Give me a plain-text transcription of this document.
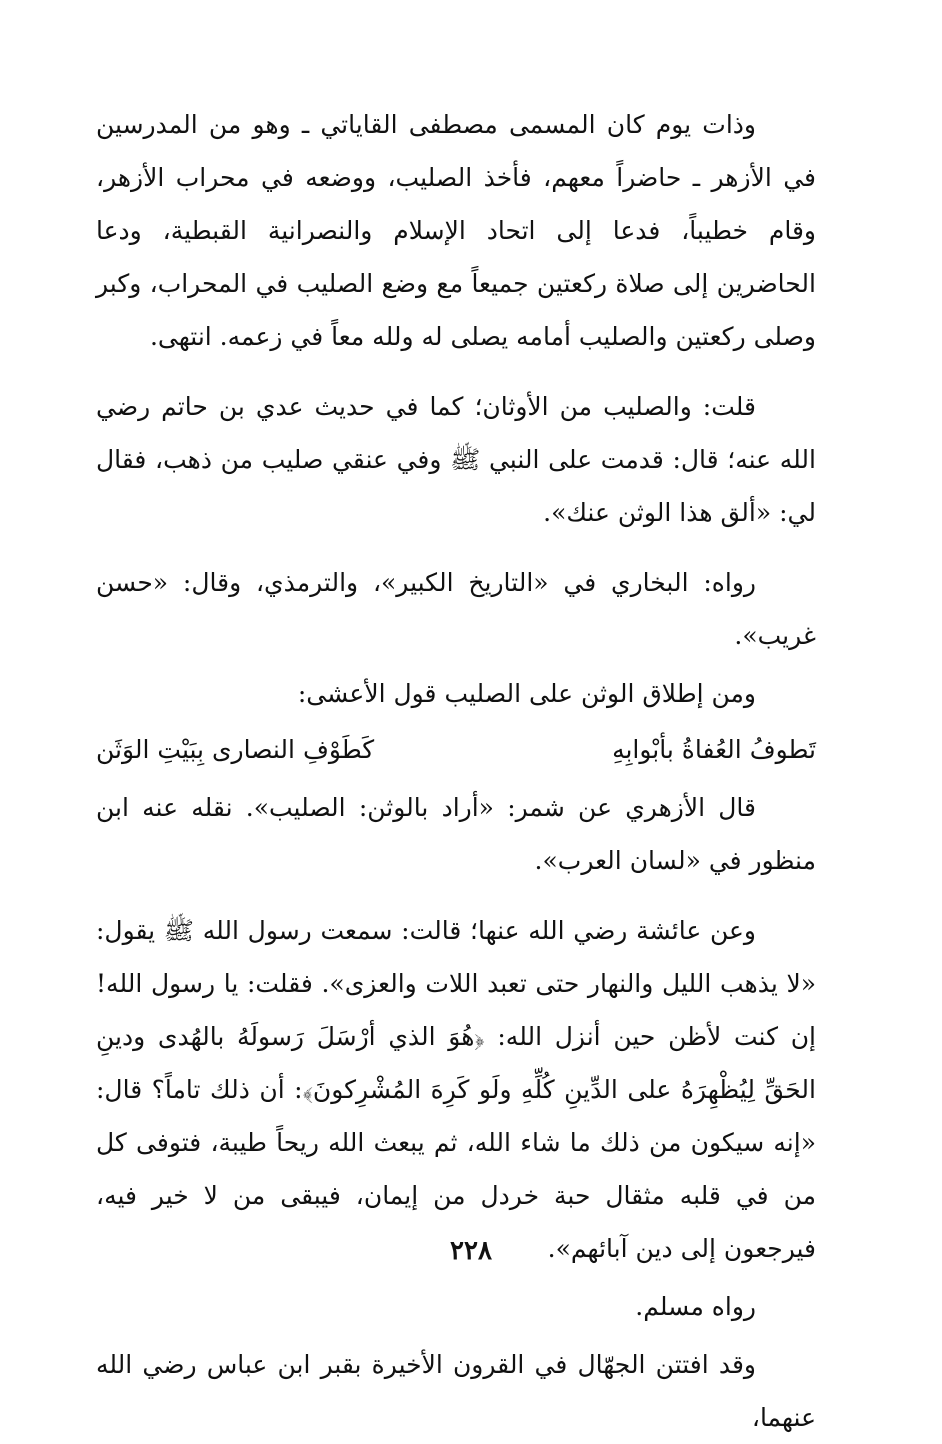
وذات يوم كان المسمى مصطفى القاياتي ـ وهو من المدرسين في الأزهر ـ حاضراً معهم، فأخذ الصليب، ووضعه في محراب الأزهر، وقام خطيباً، فدعا إلى اتحاد الإسلام والنصرانية القبطية، ودعا الحاضرين إلى صلاة ركعتين جميعاً مع وضع الصليب في المحراب، وكبر وصلى ركعتين والصليب أمامه يصلى له ولله معاً في زعمه. انتهى.

قلت: والصليب من الأوثان؛ كما في حديث عدي بن حاتم رضي الله عنه؛ قال: قدمت على النبي ﷺ وفي عنقي صليب من ذهب، فقال لي: «ألق هذا الوثن عنك».

رواه: البخاري في «التاريخ الكبير»، والترمذي، وقال: «حسن غريب».

ومن إطلاق الوثن على الصليب قول الأعشى:

تَطوفُ العُفاةُ بأبْوابِهِ
كَطَوْفِ النصارى بِبَيْتِ الوَثَن

قال الأزهري عن شمر: «أراد بالوثن: الصليب». نقله عنه ابن منظور في «لسان العرب».

وعن عائشة رضي الله عنها؛ قالت: سمعت رسول الله ﷺ يقول: «لا يذهب الليل والنهار حتى تعبد اللات والعزى». فقلت: يا رسول الله! إن كنت لأظن حين أنزل الله: ﴿هُوَ الذي أرْسَلَ رَسولَهُ بالهُدى ودينِ الحَقِّ لِيُظْهِرَهُ على الدِّينِ كُلِّهِ ولَو كَرِهَ المُشْرِكونَ﴾: أن ذلك تاماً؟ قال: «إنه سيكون من ذلك ما شاء الله، ثم يبعث الله ريحاً طيبة، فتوفى كل من في قلبه مثقال حبة خردل من إيمان، فيبقى من لا خير فيه، فيرجعون إلى دين آبائهم».

رواه مسلم.

وقد افتتن الجهّال في القرون الأخيرة بقبر ابن عباس رضي الله عنهما،

٢٢٨
